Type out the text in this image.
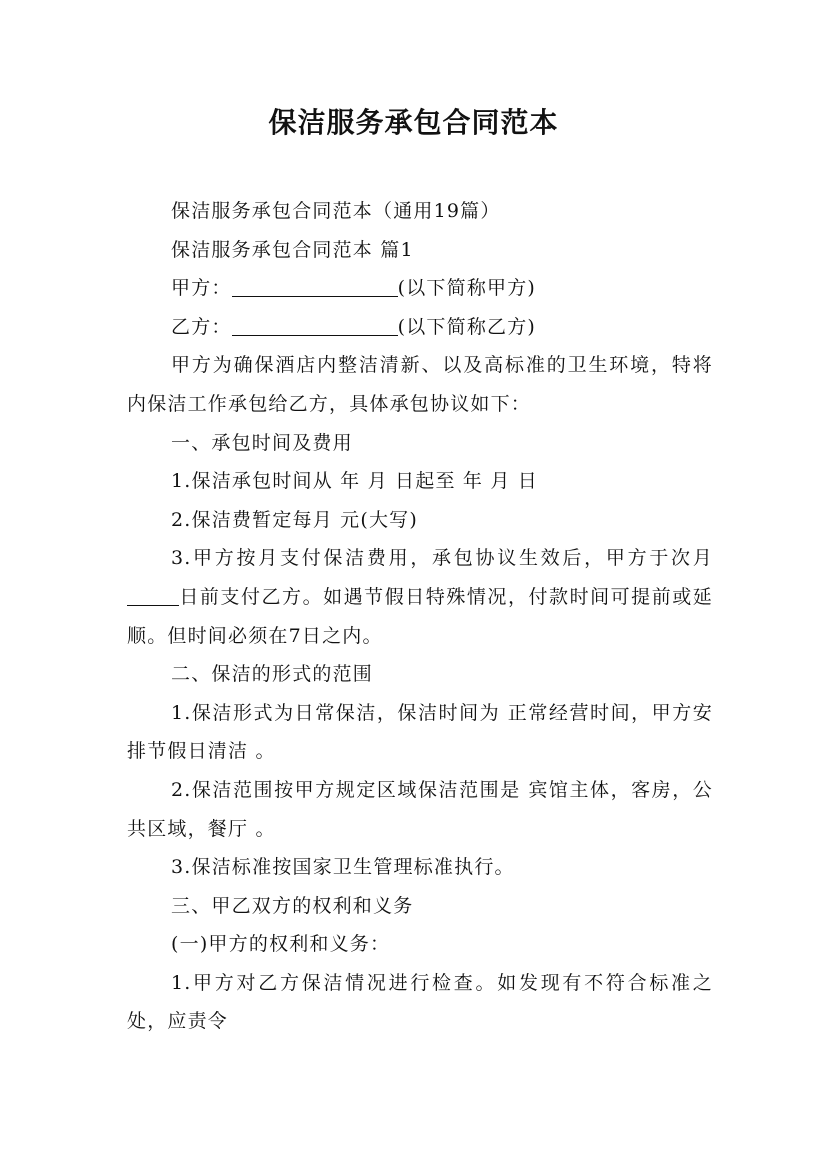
保洁服务承包合同范本

保洁服务承包合同范本（通用19篇）

保洁服务承包合同范本 篇1

甲方：	(以下简称甲方)

乙方：	(以下简称乙方)

甲方为确保酒店内整洁清新、以及高标准的卫生环境，特将内保洁工作承包给乙方，具体承包协议如下：

一、承包时间及费用

1.保洁承包时间从 年 月 日起至 年 月 日

2.保洁费暂定每月 元(大写)

3.甲方按月支付保洁费用，承包协议生效后，甲方于次月日前支付乙方。如遇节假日特殊情况，付款时间可提前或延顺。但时间必须在7日之内。

二、保洁的形式的范围

1.保洁形式为日常保洁，保洁时间为 正常经营时间，甲方安排节假日清洁 。

2.保洁范围按甲方规定区域保洁范围是 宾馆主体，客房，公共区域，餐厅 。

3.保洁标准按国家卫生管理标准执行。

三、甲乙双方的权利和义务

(一)甲方的权利和义务：

1.甲方对乙方保洁情况进行检查。如发现有不符合标准之处，应责令
